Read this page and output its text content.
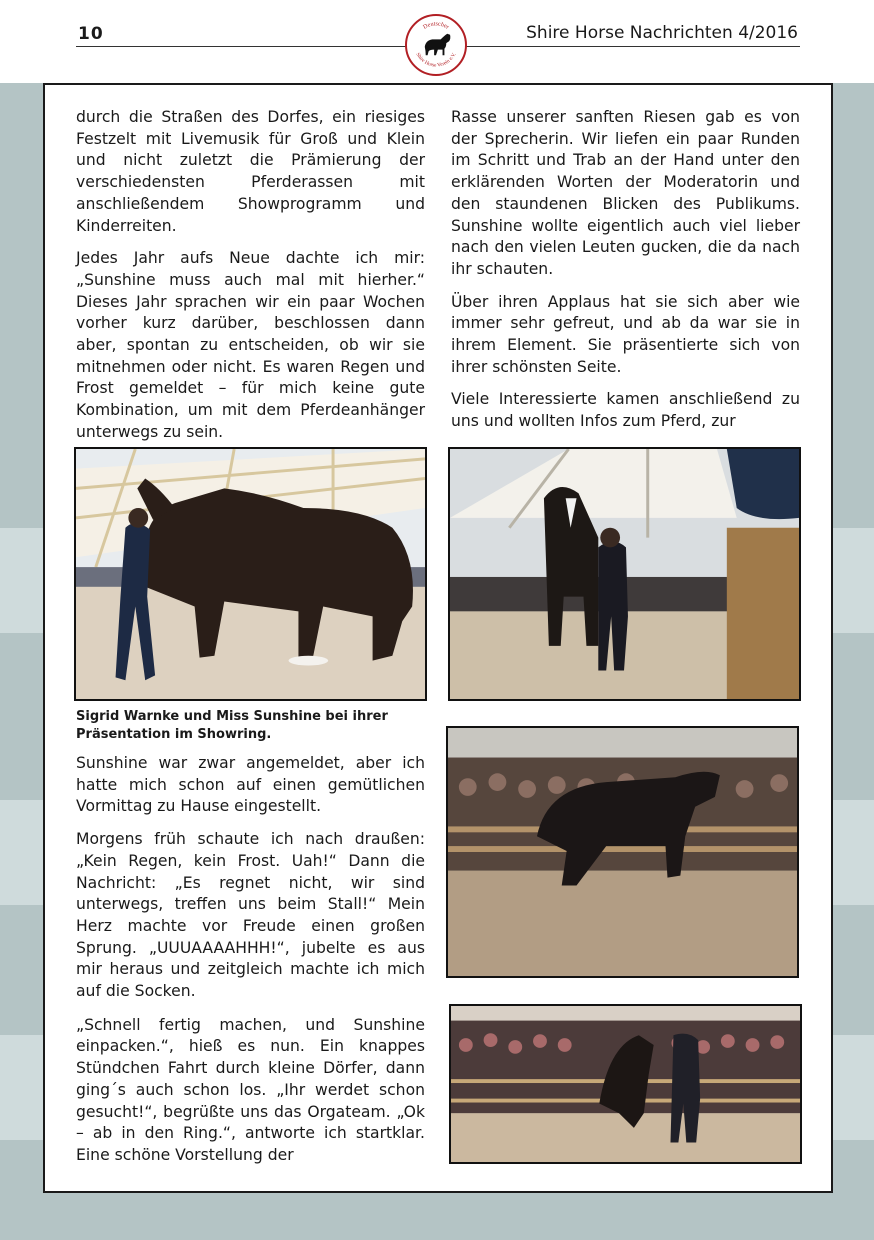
10	Shire Horse Nachrichten 4/2016
Deutscher
Shire Horse Verein e.V.

durch die Straßen des Dorfes, ein riesiges Festzelt mit Livemusik für Groß und Klein und nicht zuletzt die Prämierung der verschiedensten Pferderassen mit anschließendem Showprogramm und Kinderreiten.

Jedes Jahr aufs Neue dachte ich mir: „Sunshine muss auch mal mit hierher.“ Dieses Jahr sprachen wir ein paar Wochen vorher kurz darüber, beschlossen dann aber, spontan zu entscheiden, ob wir sie mitnehmen oder nicht. Es waren Regen und Frost gemeldet – für mich keine gute Kombination, um mit dem Pferdeanhänger unterwegs zu sein.

Rasse unserer sanften Riesen gab es von der Sprecherin. Wir liefen ein paar Runden im Schritt und Trab an der Hand unter den erklärenden Worten der Moderatorin und den staundenen Blicken des Publikums. Sunshine wollte eigentlich auch viel lieber nach den vielen Leuten gucken, die da nach ihr schauten.

Über ihren Applaus hat sie sich aber wie immer sehr gefreut, und ab da war sie in ihrem Element. Sie präsentierte sich von ihrer schönsten Seite.

Viele Interessierte kamen anschließend zu uns und wollten Infos zum Pferd, zur

Sigrid Warnke und Miss Sunshine bei ihrer Präsentation im Showring.

Sunshine war zwar angemeldet, aber ich hatte mich schon auf einen gemütlichen Vormittag zu Hause eingestellt.

Morgens früh schaute ich nach draußen: „Kein Regen, kein Frost. Uah!“ Dann die Nachricht: „Es regnet nicht, wir sind unterwegs, treffen uns beim Stall!“ Mein Herz machte vor Freude einen großen Sprung. „UUUAAAAHHH!“, jubelte es aus mir heraus und zeitgleich machte ich mich auf die Socken.

„Schnell fertig machen, und Sunshine einpacken.“, hieß es nun. Ein knappes Stündchen Fahrt durch kleine Dörfer, dann ging´s auch schon los. „Ihr werdet schon gesucht!“, begrüßte uns das Orgateam. „Ok – ab in den Ring.“, antworte ich startklar. Eine schöne Vorstellung der
